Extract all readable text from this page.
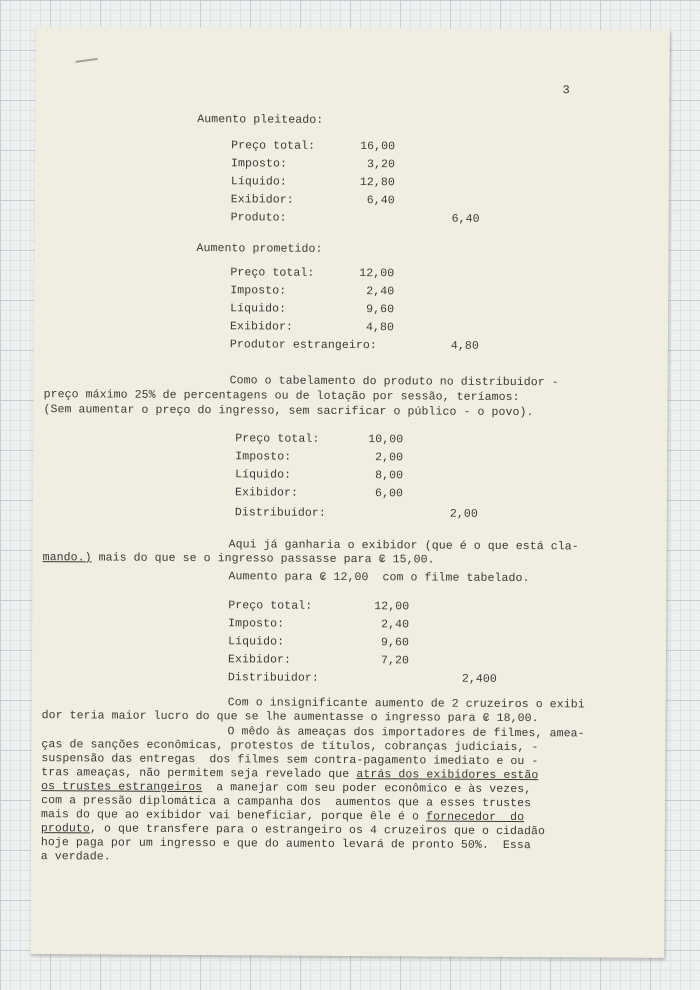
3
Aumento pleiteado:
Preço total:	16,00
Imposto:	3,20
Líquido:	12,80
Exibidor:	6,40
Produto:	6,40
Aumento prometido:
Preço total:	12,00
Imposto:	2,40
Líquido:	9,60
Exibidor:	4,80
Produtor estrangeiro:	4,80
Como o tabelamento do produto no distribuidor -
preço máximo 25% de percentagens ou de lotação por sessão, teríamos:
(Sem aumentar o preço do ingresso, sem sacrificar o público - o povo).
Preço total:	10,00
Imposto:	2,00
Líquido:	8,00
Exibidor:	6,00
Distribuidor:	2,00
Aqui já ganharia o exibidor (que é o que está cla-
mando.) mais do que se o ingresso passasse para ₢ 15,00.
Aumento para ₢ 12,00  com o filme tabelado.
Preço total:	12,00
Imposto:	2,40
Líquido:	9,60
Exibidor:	7,20
Distribuidor:	2,400
Com o insignificante aumento de 2 cruzeiros o exibi
dor teria maior lucro do que se lhe aumentasse o ingresso para ₢ 18,00.
O mêdo às ameaças dos importadores de filmes, amea-
ças de sanções econômicas, protestos de títulos, cobranças judiciais, -
suspensão das entregas  dos filmes sem contra-pagamento imediato e ou -
tras ameaças, não permitem seja revelado que atrás dos exibidores estão
os trustes estrangeiros  a manejar com seu poder econômico e às vezes,
com a pressão diplomática a campanha dos  aumentos que a esses trustes
mais do que ao exibidor vai beneficiar, porque êle é o fornecedor  do
produto, o que transfere para o estrangeiro os 4 cruzeiros que o cidadão
hoje paga por um ingresso e que do aumento levará de pronto 50%.  Essa
a verdade.
